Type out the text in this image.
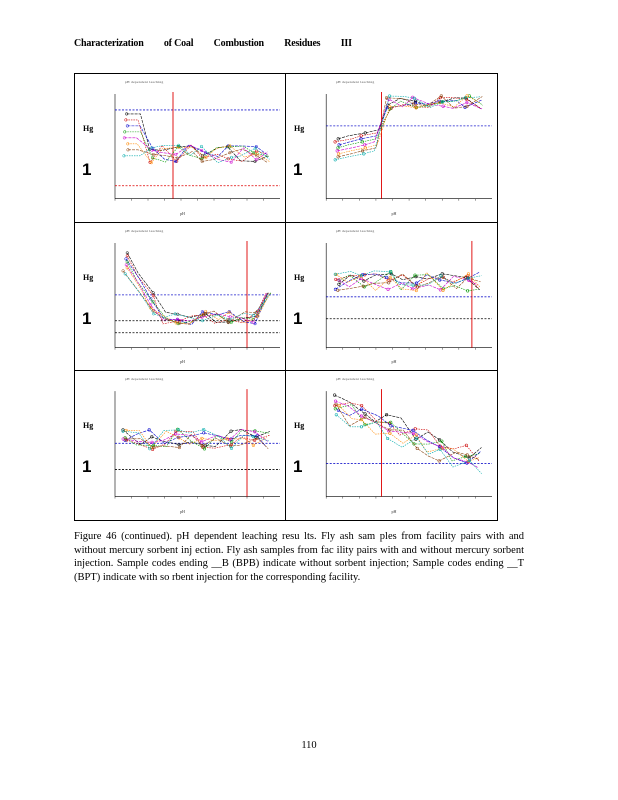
Characterization of Coal Combustion Residues III
pH dependent leaching
Hg
1
pH
pH dependent leaching
Hg
1
pH
pH dependent leaching
Hg
1
pH
pH dependent leaching
Hg
1
pH
pH dependent leaching
Hg
1
pH
pH dependent leaching
Hg
1
pH
Figure 46 (continued). pH dependent leaching resu lts. Fly ash sam ples from facility pairs with and without mercury sorbent inj ection. Fly ash samples from fac ility pairs with and without mercury sorbent injection. Sample codes ending __B (BPB) indicate without sorbent injection; Sample codes ending __T (BPT) indicate with so rbent injection for the corresponding facility.
110
